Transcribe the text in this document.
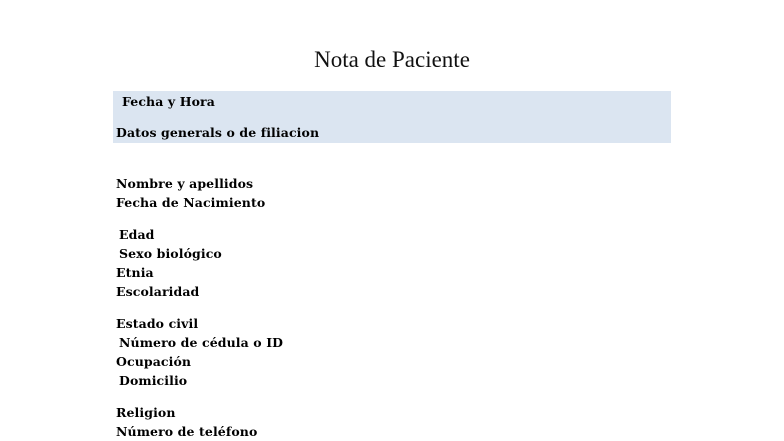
Nota de Paciente
Fecha y Hora
Datos generals o de filiacion
Nombre y apellidos
Fecha de Nacimiento
Edad
Sexo biológico
Etnia
Escolaridad
Estado civil
Número de cédula o ID
Ocupación
Domicilio
Religion
Número de teléfono
